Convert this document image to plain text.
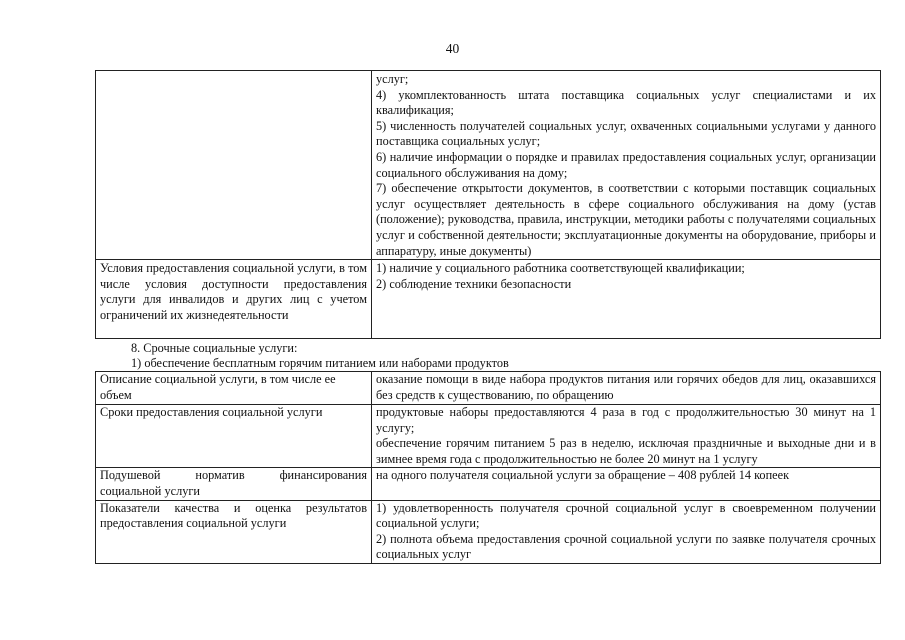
40

	услуг;
4) укомплектованность штата поставщика социальных услуг специалистами и их квалификация;
5) численность получателей социальных услуг, охваченных социальными услугами у данного поставщика социальных услуг;
6) наличие информации о порядке и правилах предоставления социальных услуг, организации социального обслуживания на дому;
7) обеспечение открытости документов, в соответствии с которыми поставщик социальных услуг осуществляет деятельность в сфере социального обслуживания на дому (устав (положение); руководства, правила, инструкции, методики работы с получателями социальных услуг и собственной деятельности; эксплуатационные документы на оборудование, приборы и аппаратуру, иные документы)

Условия предоставления социальной услуги, в том числе условия доступности предоставления услуги для инвалидов и других лиц с учетом ограничений их жизнедеятельности	1) наличие у социального работника соответствующей квалификации;
2) соблюдение техники безопасности
8. Срочные социальные услуги:
1) обеспечение бесплатным горячим питанием или наборами продуктов
Описание социальной услуги, в том числе ее объем	оказание помощи в виде набора продуктов питания или горячих обедов для лиц, оказавшихся без средств к существованию, по обращению

Сроки предоставления социальной услуги	продуктовые наборы предоставляются 4 раза в год с продолжительностью 30 минут на 1 услугу;
обеспечение горячим питанием 5 раз в неделю, исключая праздничные и выходные дни и в зимнее время года с продолжительностью не более 20 минут на 1 услугу

Подушевой норматив финансирования социальной услуги	на одного получателя социальной услуги за обращение – 408 рублей 14 копеек

Показатели качества и оценка результатов предоставления социальной услуги	1) удовлетворенность получателя срочной социальной услуг в своевременном получении социальной услуги;
2) полнота объема предоставления срочной социальной услуги по заявке получателя срочных социальных услуг
